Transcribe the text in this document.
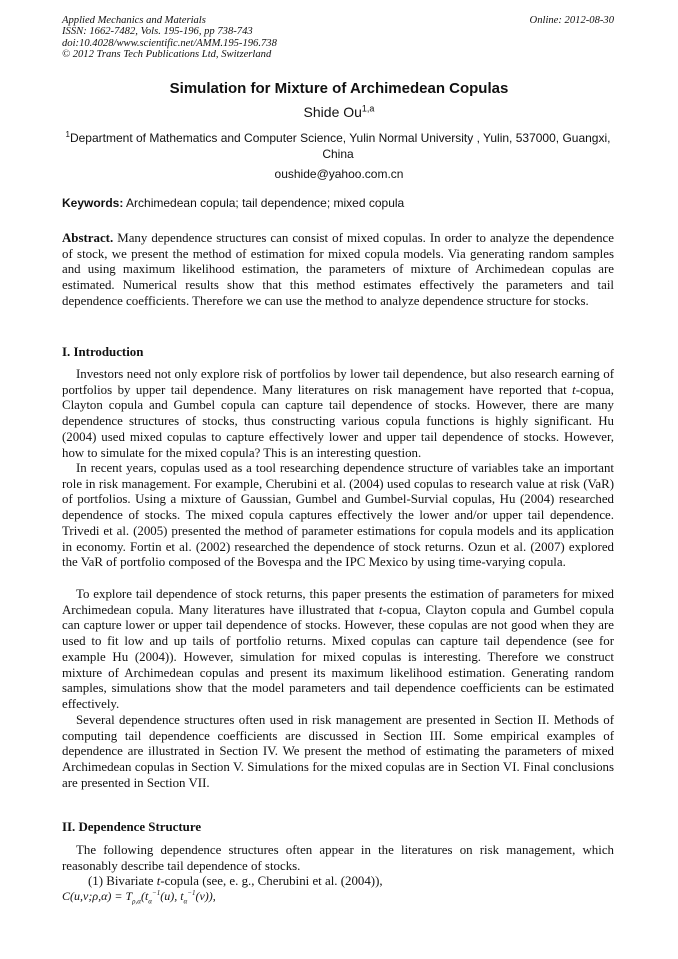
Applied Mechanics and Materials
ISSN: 1662-7482, Vols. 195-196, pp 738-743
doi:10.4028/www.scientific.net/AMM.195-196.738
© 2012 Trans Tech Publications Ltd, Switzerland
Online: 2012-08-30
Simulation for Mixture of Archimedean Copulas
Shide Ou$^{1,a}$
$^1$Department of Mathematics and Computer Science, Yulin Normal University , Yulin, 537000, Guangxi, China
oushide@yahoo.com.cn
Keywords: Archimedean copula; tail dependence; mixed copula

Abstract. Many dependence structures can consist of mixed copulas. In order to analyze the dependence of stock, we present the method of estimation for mixed copula models. Via generating random samples and using maximum likelihood estimation, the parameters of mixture of Archimedean copulas are estimated. Numerical results show that this method estimates effectively the parameters and tail dependence coefficients. Therefore we can use the method to analyze dependence structure for stocks.

I. Introduction

Investors need not only explore risk of portfolios by lower tail dependence, but also research earning of portfolios by upper tail dependence. Many literatures on risk management have reported that t-copua, Clayton copula and Gumbel copula can capture tail dependence of stocks. However, there are many dependence structures of stocks, thus constructing various copula functions is highly significant. Hu (2004) used mixed copulas to capture effectively lower and upper tail dependence of stocks. However, how to simulate for the mixed copula? This is an interesting question.

In recent years, copulas used as a tool researching dependence structure of variables take an important role in risk management. For example, Cherubini et al. (2004) used copulas to research value at risk (VaR) of portfolios. Using a mixture of Gaussian, Gumbel and Gumbel-Survial copulas, Hu (2004) researched dependence of stocks. The mixed copula captures effectively the lower and/or upper tail dependence. Trivedi et al. (2005) presented the method of parameter estimations for copula models and its application in economy. Fortin et al. (2002) researched the dependence of stock returns. Ozun et al. (2007) explored the VaR of portfolio composed of the Bovespa and the IPC Mexico by using time-varying copula.

To explore tail dependence of stock returns, this paper presents the estimation of parameters for mixed Archimedean copula. Many literatures have illustrated that t-copua, Clayton copula and Gumbel copula can capture lower or upper tail dependence of stocks. However, these copulas are not good when they are used to fit low and up tails of portfolio returns. Mixed copulas can capture tail dependence (see for example Hu (2004)). However, simulation for mixed copulas is interesting. Therefore we construct mixture of Archimedean copulas and present its maximum likelihood estimation. Generating random samples, simulations show that the model parameters and tail dependence coefficients can be estimated effectively.

Several dependence structures often used in risk management are presented in Section II. Methods of computing tail dependence coefficients are discussed in Section III. Some empirical examples of dependence are illustrated in Section IV. We present the method of estimating the parameters of mixed Archimedean copulas in Section V. Simulations for the mixed copulas are in Section VI. Final conclusions are presented in Section VII.

II. Dependence Structure

The following dependence structures often appear in the literatures on risk management, which reasonably describe tail dependence of stocks.

(1) Bivariate t-copula (see, e. g., Cherubini et al. (2004)),

C(u,v;ρ,α) = $T_{\rho,\alpha}(t_\alpha^{-1}(u)$, $t_\alpha^{-1}(v)$),
